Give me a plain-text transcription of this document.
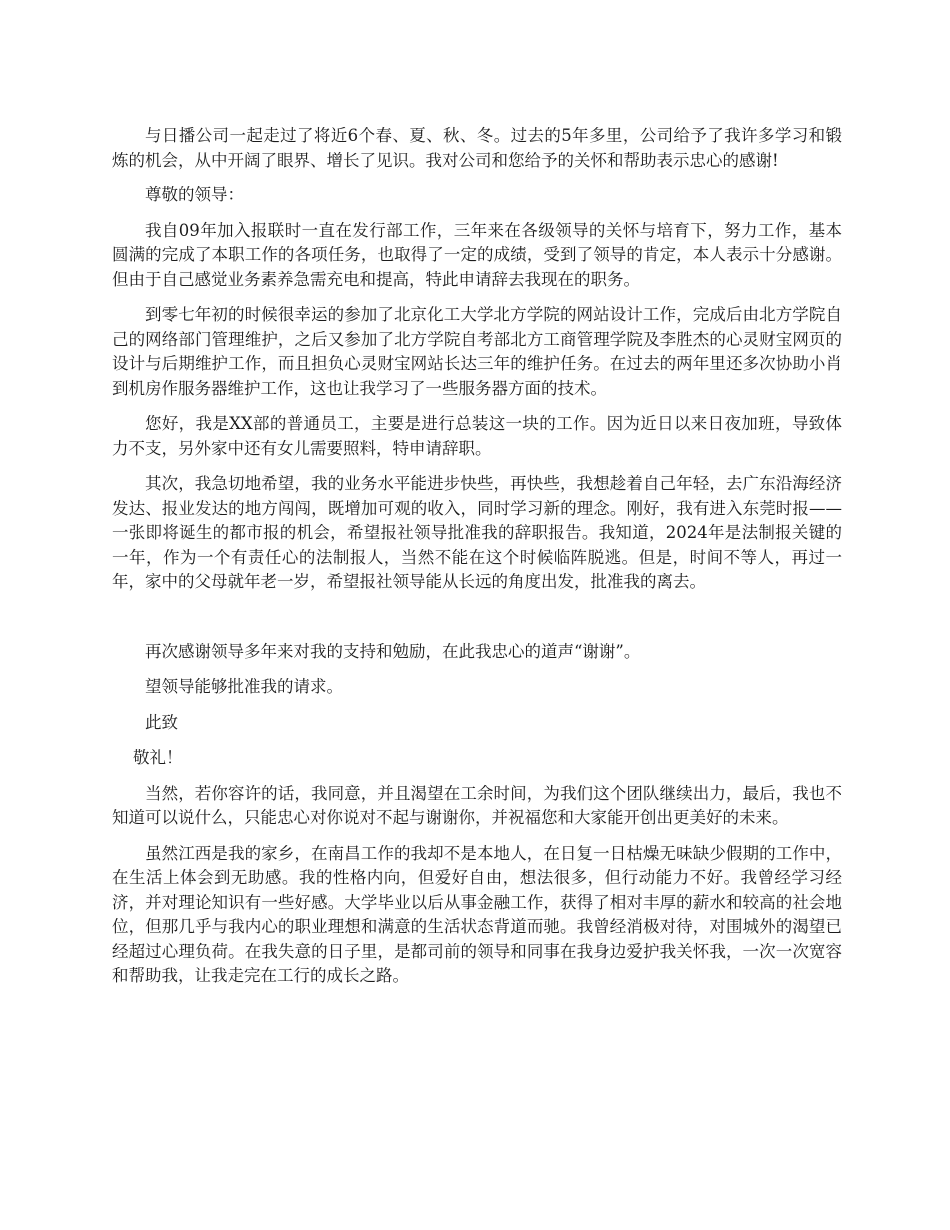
与日播公司一起走过了将近6个春、夏、秋、冬。过去的5年多里，公司给予了我许多学习和锻炼的机会，从中开阔了眼界、增长了见识。我对公司和您给予的关怀和帮助表示忠心的感谢!

尊敬的领导：

我自09年加入报联时一直在发行部工作，三年来在各级领导的关怀与培育下，努力工作，基本圆满的完成了本职工作的各项任务，也取得了一定的成绩，受到了领导的肯定，本人表示十分感谢。但由于自己感觉业务素养急需充电和提高，特此申请辞去我现在的职务。

到零七年初的时候很幸运的参加了北京化工大学北方学院的网站设计工作，完成后由北方学院自己的网络部门管理维护，之后又参加了北方学院自考部北方工商管理学院及李胜杰的心灵财宝网页的设计与后期维护工作，而且担负心灵财宝网站长达三年的维护任务。在过去的两年里还多次协助小肖到机房作服务器维护工作，这也让我学习了一些服务器方面的技术。

您好，我是XX部的普通员工，主要是进行总装这一块的工作。因为近日以来日夜加班，导致体力不支，另外家中还有女儿需要照料，特申请辞职。

其次，我急切地希望，我的业务水平能进步快些，再快些，我想趁着自己年轻，去广东沿海经济发达、报业发达的地方闯闯，既增加可观的收入，同时学习新的理念。刚好，我有进入东莞时报——一张即将诞生的都市报的机会，希望报社领导批准我的辞职报告。我知道，2024年是法制报关键的一年，作为一个有责任心的法制报人，当然不能在这个时候临阵脱逃。但是，时间不等人，再过一年，家中的父母就年老一岁，希望报社领导能从长远的角度出发，批准我的离去。

再次感谢领导多年来对我的支持和勉励，在此我忠心的道声“谢谢”。

望领导能够批准我的请求。

此致

敬礼！

当然，若你容许的话，我同意，并且渴望在工余时间，为我们这个团队继续出力，最后，我也不知道可以说什么，只能忠心对你说对不起与谢谢你，并祝福您和大家能开创出更美好的未来。

虽然江西是我的家乡，在南昌工作的我却不是本地人，在日复一日枯燥无味缺少假期的工作中，在生活上体会到无助感。我的性格内向，但爱好自由，想法很多，但行动能力不好。我曾经学习经济，并对理论知识有一些好感。大学毕业以后从事金融工作，获得了相对丰厚的薪水和较高的社会地位，但那几乎与我内心的职业理想和满意的生活状态背道而驰。我曾经消极对待，对围城外的渴望已经超过心理负荷。在我失意的日子里，是都司前的领导和同事在我身边爱护我关怀我，一次一次宽容和帮助我，让我走完在工行的成长之路。
